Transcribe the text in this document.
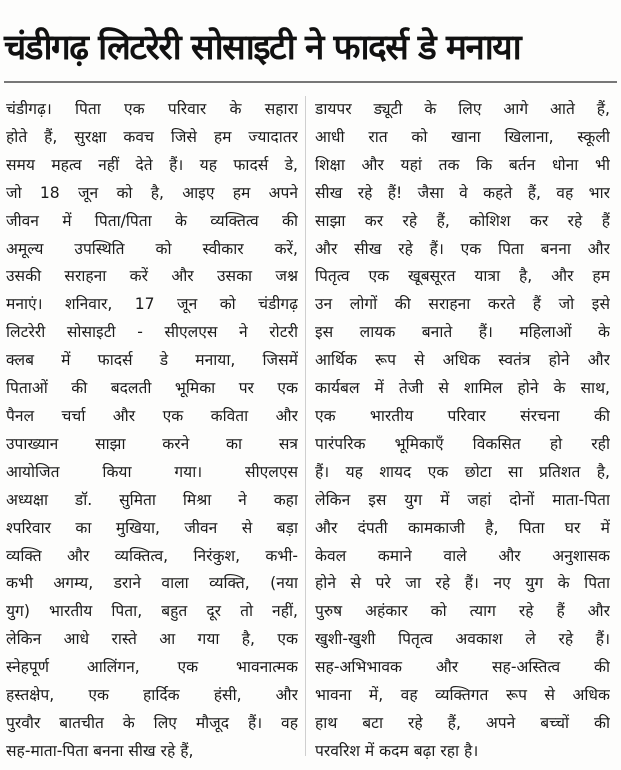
चंडीगढ़ लिटरेरी सोसाइटी ने फादर्स डे मनाया
चंडीगढ़। पिता एक परिवार के सहारा
होते हैं, सुरक्षा कवच जिसे हम ज्यादातर
समय महत्व नहीं देते हैं। यह फादर्स डे,
जो 18 जून को है, आइए हम अपने
जीवन में पिता/पिता के व्यक्तित्व की
अमूल्य उपस्थिति को स्वीकार करें,
उसकी सराहना करें और उसका जश्न
मनाएं। शनिवार, 17 जून को चंडीगढ़
लिटरेरी सोसाइटी - सीएलएस ने रोटरी
क्लब में फादर्स डे मनाया, जिसमें
पिताओं की बदलती भूमिका पर एक
पैनल चर्चा और एक कविता और
उपाख्यान साझा करने का सत्र
आयोजित किया गया। सीएलएस
अध्यक्षा डॉ. सुमिता मिश्रा ने कहा
श्परिवार का मुखिया, जीवन से बड़ा
व्यक्ति और व्यक्तित्व, निरंकुश, कभी-
कभी अगम्य, डराने वाला व्यक्ति, (नया
युग) भारतीय पिता, बहुत दूर तो नहीं,
लेकिन आधे रास्ते आ गया है, एक
स्नेहपूर्ण आलिंगन, एक भावनात्मक
हस्तक्षेप, एक हार्दिक हंसी, और
पुरवौर बातचीत के लिए मौजूद हैं। वह
सह-माता-पिता बनना सीख रहे हैं,
डायपर ड्यूटी के लिए आगे आते हैं,
आधी रात को खाना खिलाना, स्कूली
शिक्षा और यहां तक कि बर्तन धोना भी
सीख रहे हैं! जैसा वे कहते हैं, वह भार
साझा कर रहे हैं, कोशिश कर रहे हैं
और सीख रहे हैं। एक पिता बनना और
पितृत्व एक खूबसूरत यात्रा है, और हम
उन लोगों की सराहना करते हैं जो इसे
इस लायक बनाते हैं। महिलाओं के
आर्थिक रूप से अधिक स्वतंत्र होने और
कार्यबल में तेजी से शामिल होने के साथ,
एक भारतीय परिवार संरचना की
पारंपरिक भूमिकाएँ विकसित हो रही
हैं। यह शायद एक छोटा सा प्रतिशत है,
लेकिन इस युग में जहां दोनों माता-पिता
और दंपती कामकाजी है, पिता घर में
केवल कमाने वाले और अनुशासक
होने से परे जा रहे हैं। नए युग के पिता
पुरुष अहंकार को त्याग रहे हैं और
खुशी-खुशी पितृत्व अवकाश ले रहे हैं।
सह-अभिभावक और सह-अस्तित्व की
भावना में, वह व्यक्तिगत रूप से अधिक
हाथ बटा रहे हैं, अपने बच्चों की
परवरिश में कदम बढ़ा रहा है।
